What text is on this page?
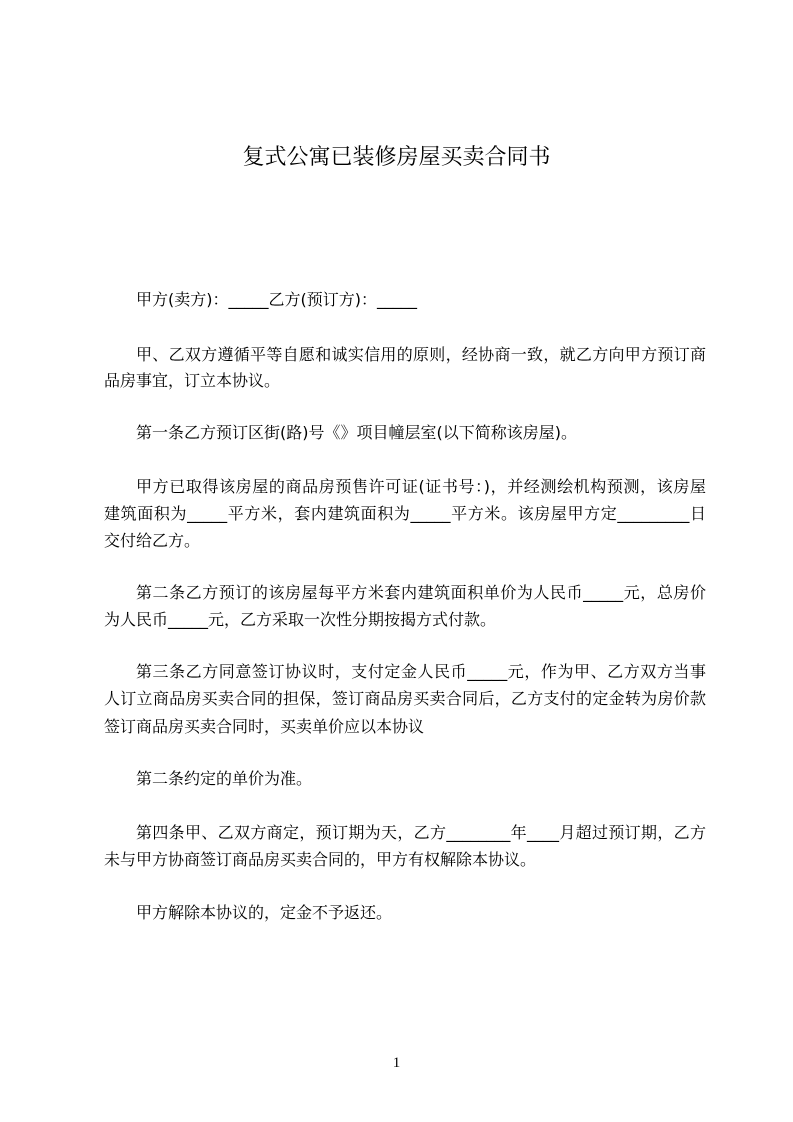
复式公寓已装修房屋买卖合同书
甲方(卖方)：_____乙方(预订方)：_____
甲、乙双方遵循平等自愿和诚实信用的原则，经协商一致，就乙方向甲方预订商
品房事宜，订立本协议。
第一条乙方预订区街(路)号《》项目幢层室(以下简称该房屋)。
甲方已取得该房屋的商品房预售许可证(证书号：)，并经测绘机构预测，该房屋
建筑面积为_____平方米，套内建筑面积为_____平方米。该房屋甲方定_________日
交付给乙方。
第二条乙方预订的该房屋每平方米套内建筑面积单价为人民币_____元，总房价
为人民币_____元，乙方采取一次性分期按揭方式付款。
第三条乙方同意签订协议时，支付定金人民币_____元，作为甲、乙方双方当事
人订立商品房买卖合同的担保，签订商品房买卖合同后，乙方支付的定金转为房价款
签订商品房买卖合同时，买卖单价应以本协议
第二条约定的单价为准。
第四条甲、乙双方商定，预订期为天，乙方________年____月超过预订期，乙方
未与甲方协商签订商品房买卖合同的，甲方有权解除本协议。
甲方解除本协议的，定金不予返还。
1
